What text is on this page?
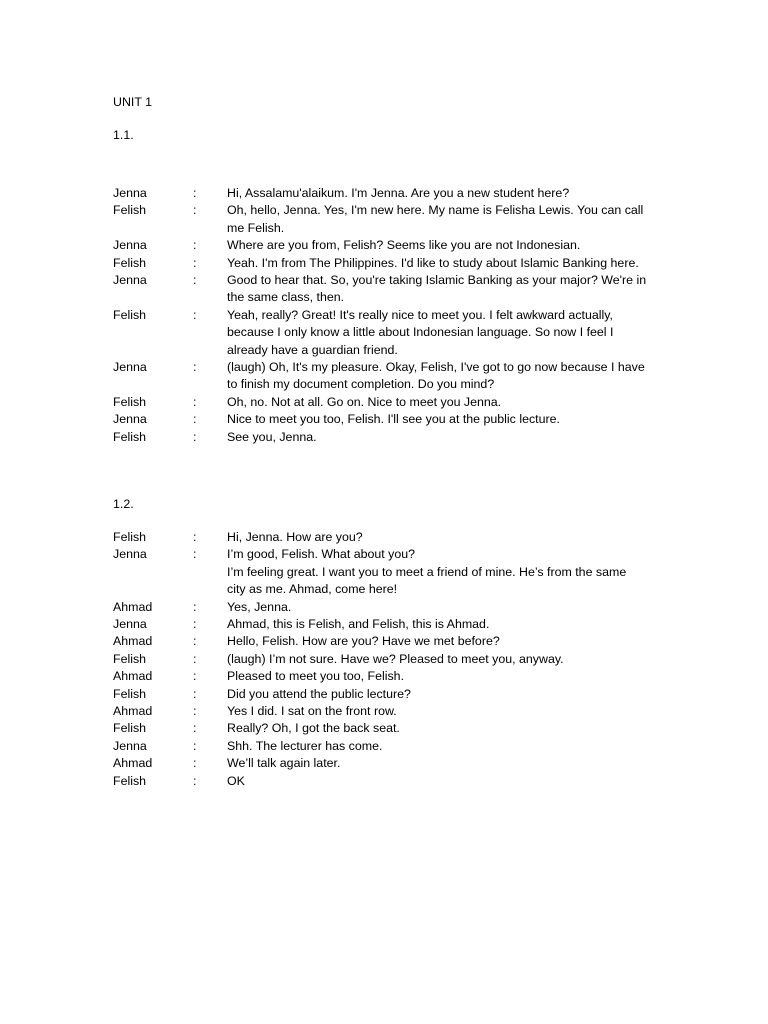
UNIT 1
1.1.
Jenna	:	Hi, Assalamu'alaikum. I'm Jenna. Are you a new student here?
Felish	:	Oh, hello, Jenna. Yes, I'm new here. My name is Felisha Lewis. You can call
me Felish.
Jenna	:	Where are you from, Felish? Seems like you are not Indonesian.
Felish	:	Yeah. I'm from The Philippines. I'd like to study about Islamic Banking here.
Jenna	:	Good to hear that. So, you're taking Islamic Banking as your major? We're in
the same class, then.
Felish	:	Yeah, really? Great! It's really nice to meet you. I felt awkward actually,
because I only know a little about Indonesian language. So now I feel I
already have a guardian friend.
Jenna	:	(laugh) Oh, It's my pleasure. Okay, Felish, I've got to go now because I have
to finish my document completion. Do you mind?
Felish	:	Oh, no. Not at all. Go on. Nice to meet you Jenna.
Jenna	:	Nice to meet you too, Felish. I'll see you at the public lecture.
Felish	:	See you, Jenna.
1.2.
Felish	:	Hi, Jenna. How are you?
Jenna	:	I’m good, Felish. What about you?
I’m feeling great. I want you to meet a friend of mine. He’s from the same
city as me. Ahmad, come here!
Ahmad	:	Yes, Jenna.
Jenna	:	Ahmad, this is Felish, and Felish, this is Ahmad.
Ahmad	:	Hello, Felish. How are you? Have we met before?
Felish	:	(laugh) I’m not sure. Have we? Pleased to meet you, anyway.
Ahmad	:	Pleased to meet you too, Felish.
Felish	:	Did you attend the public lecture?
Ahmad	:	Yes I did. I sat on the front row.
Felish	:	Really? Oh, I got the back seat.
Jenna	:	Shh. The lecturer has come.
Ahmad	:	We’ll talk again later.
Felish	:	OK
